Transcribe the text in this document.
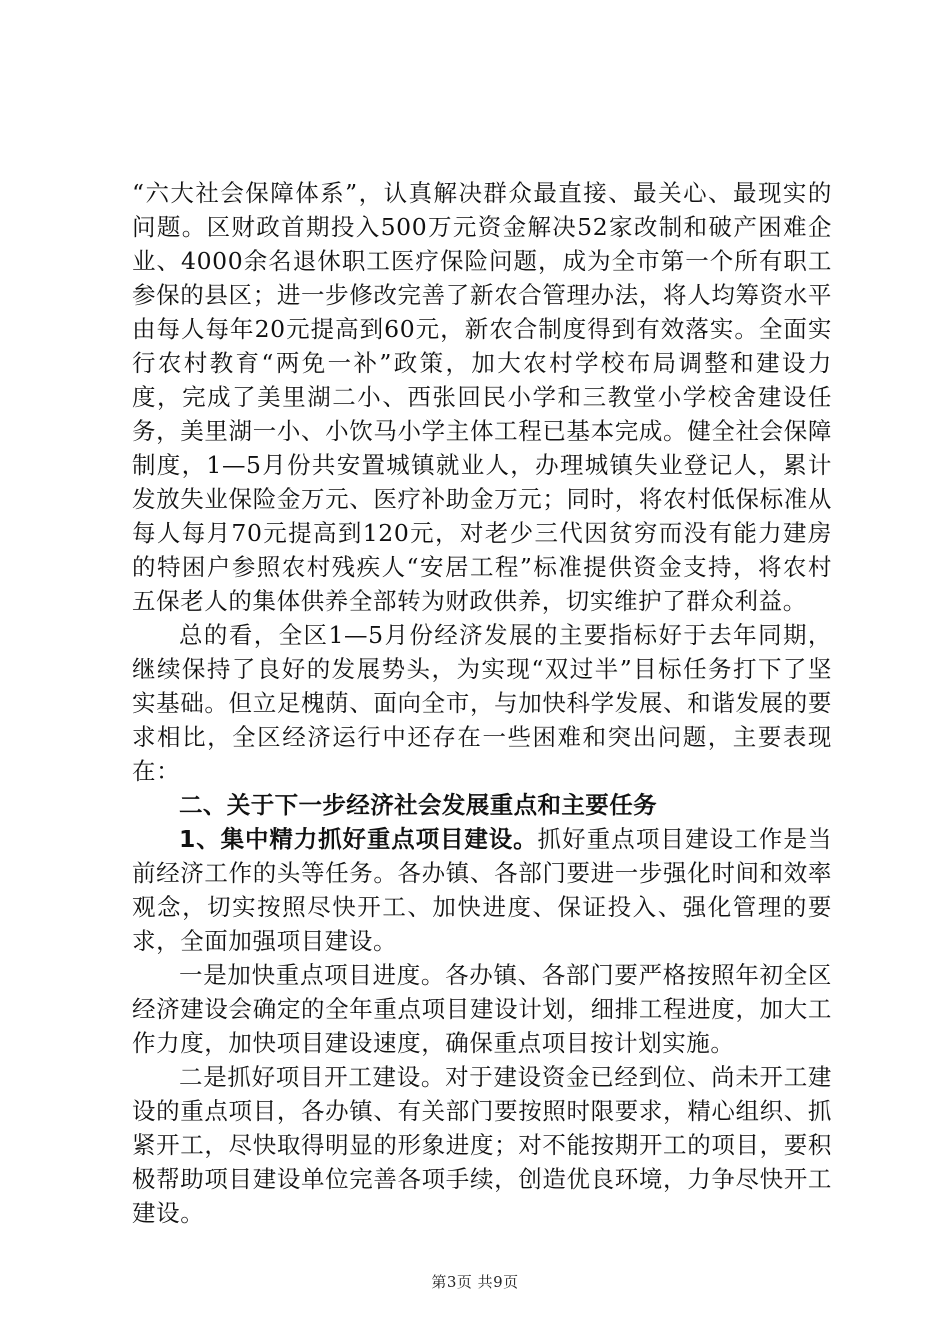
“六大社会保障体系”，认真解决群众最直接、最关心、最现实的问题。区财政首期投入500万元资金解决52家改制和破产困难企业、4000余名退休职工医疗保险问题，成为全市第一个所有职工参保的县区；进一步修改完善了新农合管理办法，将人均筹资水平由每人每年20元提高到60元，新农合制度得到有效落实。全面实行农村教育“两免一补”政策，加大农村学校布局调整和建设力度，完成了美里湖二小、西张回民小学和三教堂小学校舍建设任务，美里湖一小、小饮马小学主体工程已基本完成。健全社会保障制度，1—5月份共安置城镇就业人，办理城镇失业登记人，累计发放失业保险金万元、医疗补助金万元；同时，将农村低保标准从每人每月70元提高到120元，对老少三代因贫穷而没有能力建房的特困户参照农村残疾人“安居工程”标准提供资金支持，将农村五保老人的集体供养全部转为财政供养，切实维护了群众利益。

总的看，全区1—5月份经济发展的主要指标好于去年同期，继续保持了良好的发展势头，为实现“双过半”目标任务打下了坚实基础。但立足槐荫、面向全市，与加快科学发展、和谐发展的要求相比，全区经济运行中还存在一些困难和突出问题，主要表现在：

二、关于下一步经济社会发展重点和主要任务

1、集中精力抓好重点项目建设。抓好重点项目建设工作是当前经济工作的头等任务。各办镇、各部门要进一步强化时间和效率观念，切实按照尽快开工、加快进度、保证投入、强化管理的要求，全面加强项目建设。

一是加快重点项目进度。各办镇、各部门要严格按照年初全区经济建设会确定的全年重点项目建设计划，细排工程进度，加大工作力度，加快项目建设速度，确保重点项目按计划实施。

二是抓好项目开工建设。对于建设资金已经到位、尚未开工建设的重点项目，各办镇、有关部门要按照时限要求，精心组织、抓紧开工，尽快取得明显的形象进度；对不能按期开工的项目，要积极帮助项目建设单位完善各项手续，创造优良环境，力争尽快开工建设。

第3页 共9页
